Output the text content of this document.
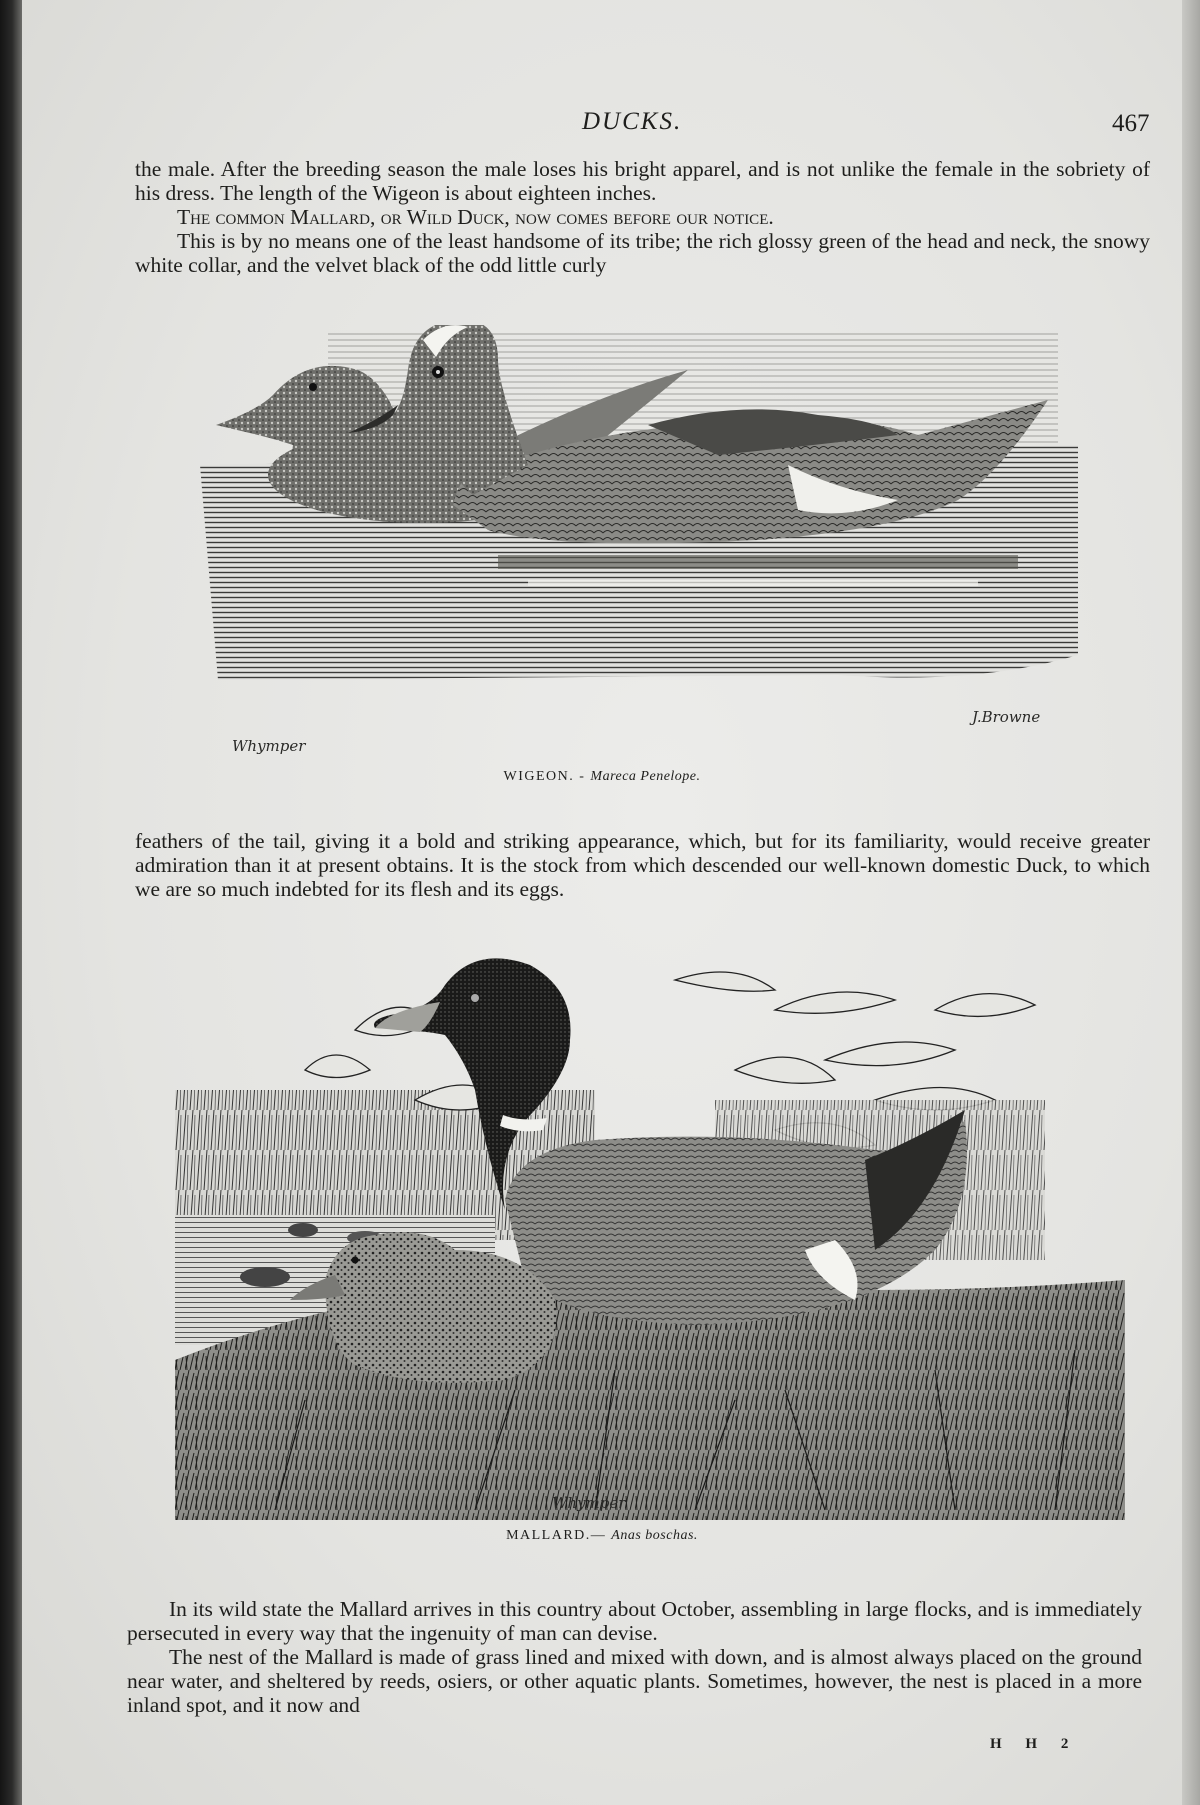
DUCKS.	467

the male. After the breeding season the male loses his bright apparel, and is not unlike the female in the sobriety of his dress. The length of the Wigeon is about eighteen inches.

The common Mallard, or Wild Duck, now comes before our notice.

This is by no means one of the least handsome of its tribe; the rich glossy green of the head and neck, the snowy white collar, and the velvet black of the odd little curly

Whymper
J.Browne
WIGEON. - Mareca Penelope.

feathers of the tail, giving it a bold and striking appearance, which, but for its familiarity, would receive greater admiration than it at present obtains. It is the stock from which descended our well-known domestic Duck, to which we are so much indebted for its flesh and its eggs.

Whymper
MALLARD.— Anas boschas.

In its wild state the Mallard arrives in this country about October, assembling in large flocks, and is immediately persecuted in every way that the ingenuity of man can devise.

The nest of the Mallard is made of grass lined and mixed with down, and is almost always placed on the ground near water, and sheltered by reeds, osiers, or other aquatic plants. Sometimes, however, the nest is placed in a more inland spot, and it now and

H H 2
